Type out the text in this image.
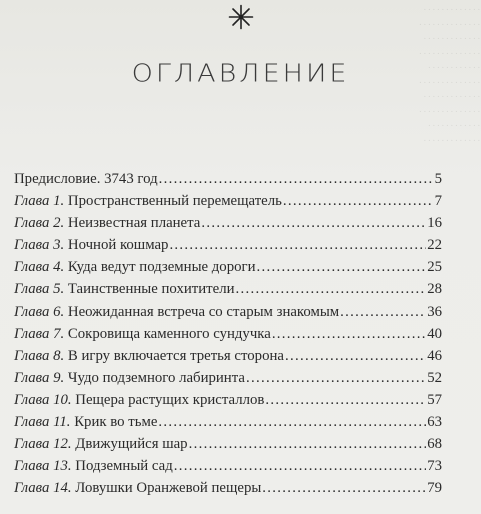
. . . . . . . . . . . . .
. . . . . . . . . . . . . .
. . . . . . . . . . . . .
. . . . . . . . . . . . . .
. . . . . . . . . . . .
. . . . . . . . . . . . . .
. . . . . . . . . . . . .
. . . . . . . . . . . . . .
. . . . . . . . . . . .
. . . . . . . . . . . . .
ОГЛАВЛЕНИЕ
Предисловие. 3743 год . . .	5
Глава 1. Пространственный перемещатель . . .	7
Глава 2. Неизвестная планета . . .	16
Глава 3. Ночной кошмар . . .	22
Глава 4. Куда ведут подземные дороги . . .	25
Глава 5. Таинственные похитители . . .	28
Глава 6. Неожиданная встреча со старым знакомым . . .	36
Глава 7. Сокровища каменного сундучка . . .	40
Глава 8. В игру включается третья сторона . . .	46
Глава 9. Чудо подземного лабиринта . . .	52
Глава 10. Пещера растущих кристаллов . . .	57
Глава 11. Крик во тьме . . .	63
Глава 12. Движущийся шар . . .	68
Глава 13. Подземный сад . . .	73
Глава 14. Ловушки Оранжевой пещеры . . .	79
